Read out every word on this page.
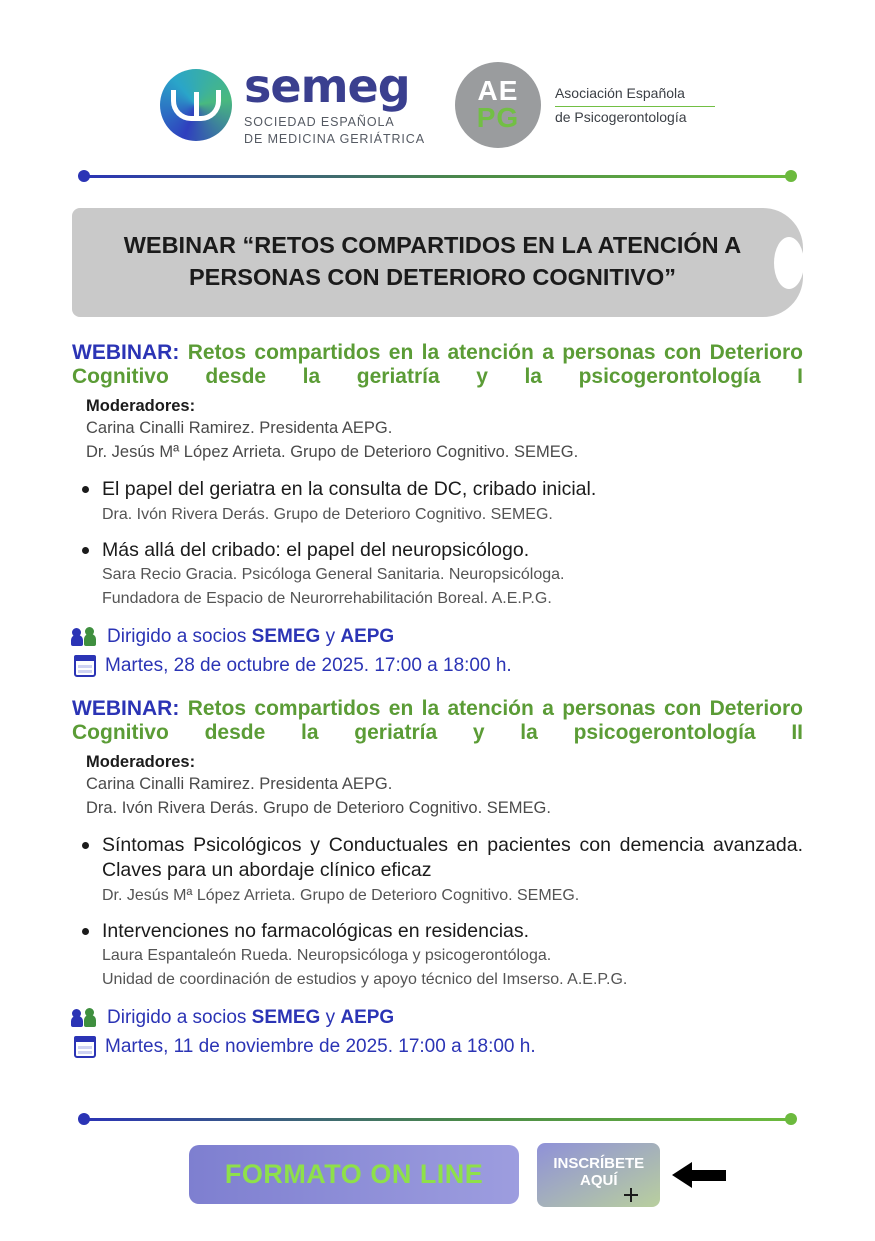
semeg
SOCIEDAD ESPAÑOLA
DE MEDICINA GERIÁTRICA
AE
PG
Asociación Española
de Psicogerontología
WEBINAR “RETOS COMPARTIDOS EN LA ATENCIÓN A PERSONAS CON DETERIORO COGNITIVO”
WEBINAR: Retos compartidos en la atención a personas con Deterioro Cognitivo desde la geriatría y la psicogerontología I
Moderadores:
Carina Cinalli Ramirez. Presidenta AEPG.
Dr. Jesús Mª López Arrieta. Grupo de Deterioro Cognitivo. SEMEG.
El papel del geriatra en la consulta de DC, cribado inicial.
Dra. Ivón Rivera Derás. Grupo de Deterioro Cognitivo. SEMEG.
Más allá del cribado: el papel del neuropsicólogo.
Sara Recio Gracia. Psicóloga General Sanitaria. Neuropsicóloga.
Fundadora de Espacio de Neurorrehabilitación Boreal. A.E.P.G.
Dirigido a socios SEMEG y AEPG
Martes, 28 de octubre de 2025. 17:00 a 18:00 h.
WEBINAR: Retos compartidos en la atención a personas con Deterioro Cognitivo desde la geriatría y la psicogerontología II
Moderadores:
Carina Cinalli Ramirez. Presidenta AEPG.
Dra. Ivón Rivera Derás. Grupo de Deterioro Cognitivo. SEMEG.
Síntomas Psicológicos y Conductuales en pacientes con demencia avanzada. Claves para un abordaje clínico eficaz
Dr. Jesús Mª López Arrieta. Grupo de Deterioro Cognitivo. SEMEG.
Intervenciones no farmacológicas en residencias.
Laura Espantaleón Rueda. Neuropsicóloga y psicogerontóloga.
Unidad de coordinación de estudios y apoyo técnico del Imserso. A.E.P.G.
Dirigido a socios SEMEG y AEPG
Martes, 11 de noviembre de 2025. 17:00 a 18:00 h.
FORMATO ON LINE	INSCRÍBETE
AQUÍ
